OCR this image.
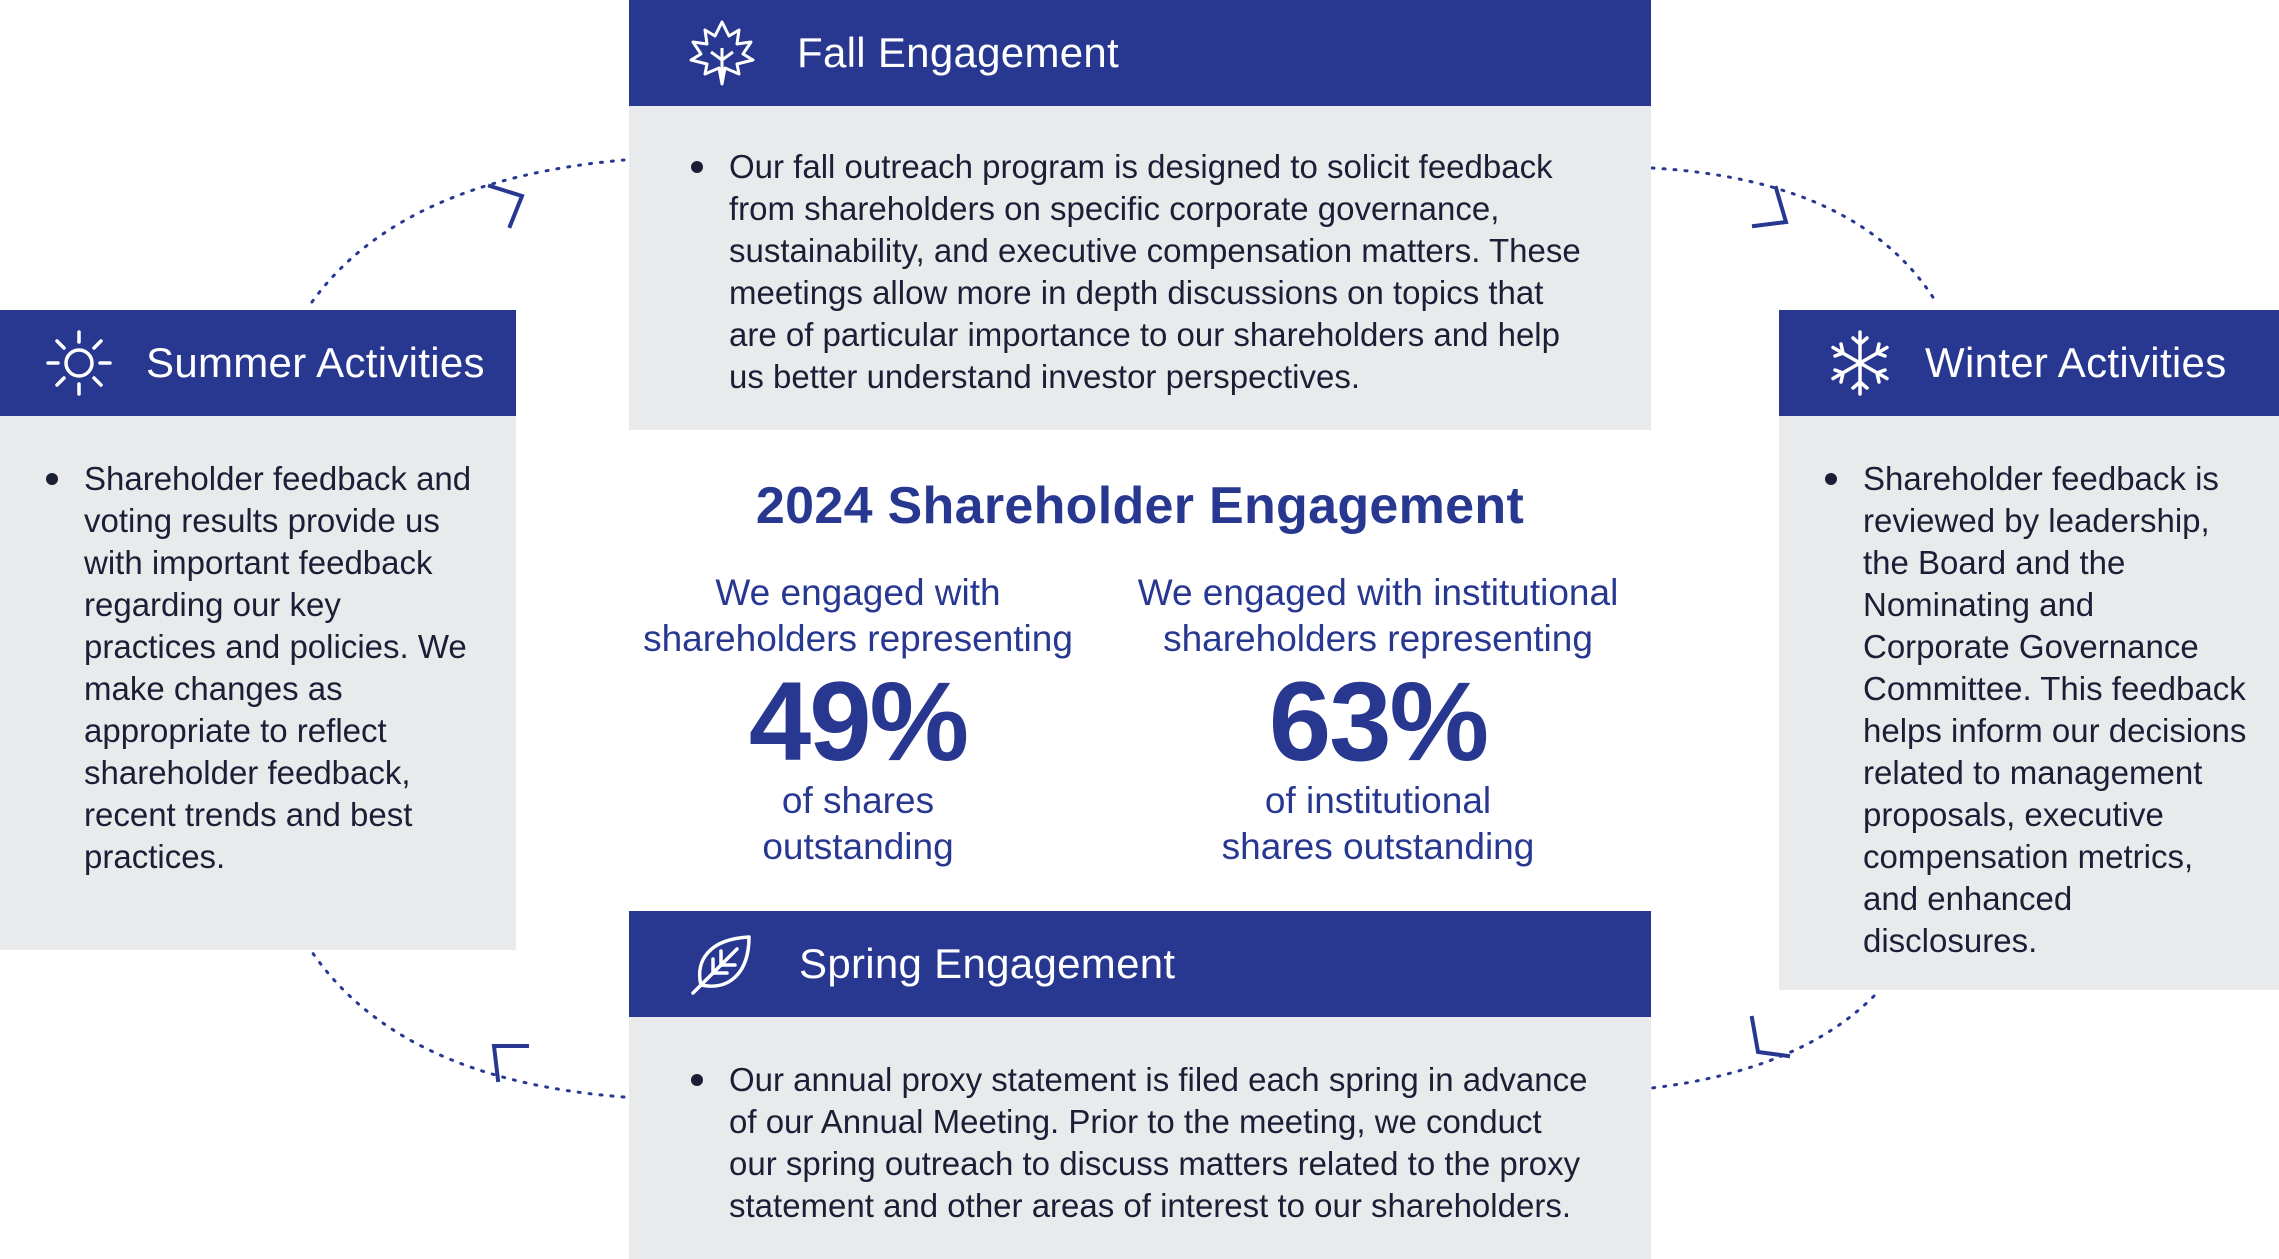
Fall Engagement
Our fall outreach program is designed to solicit feedback from shareholders on specific corporate governance, sustainability, and executive compensation matters. These meetings allow more in depth discussions on topics that are of particular importance to our shareholders and help us better understand investor perspectives.
Summer Activities
Shareholder feedback and voting results provide us with important feedback regarding our key practices and policies. We make changes as appropriate to reflect shareholder feedback, recent trends and best practices.
Winter Activities
Shareholder feedback is reviewed by leadership, the Board and the Nominating and Corporate Governance Committee. This feedback helps inform our decisions related to management proposals, executive compensation metrics, and enhanced disclosures.
Spring Engagement
Our annual proxy statement is filed each spring in advance of our Annual Meeting. Prior to the meeting, we conduct our spring outreach to discuss matters related to the proxy statement and other areas of interest to our shareholders.
2024 Shareholder Engagement
We engaged with
shareholders representing
49%
of shares
outstanding
We engaged with institutional
shareholders representing
63%
of institutional
shares outstanding
